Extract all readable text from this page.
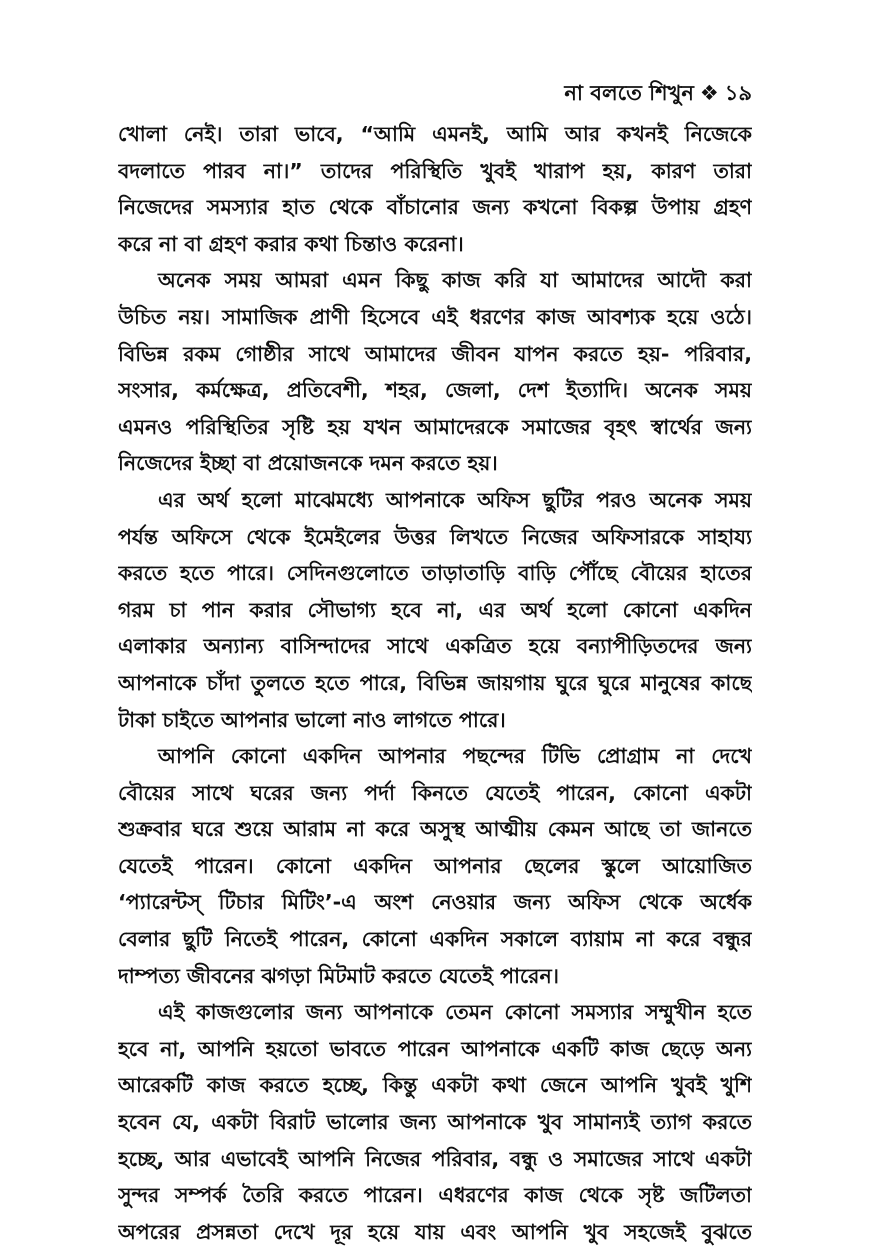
না বলতে শিখুন ❖ ১৯
খোলা নেই। তারা ভাবে, “আমি এমনই, আমি আর কখনই নিজেকে
বদলাতে পারব না।” তাদের পরিস্থিতি খুবই খারাপ হয়, কারণ তারা
নিজেদের সমস্যার হাত থেকে বাঁচানোর জন্য কখনো বিকল্প উপায় গ্রহণ
করে না বা গ্রহণ করার কথা চিন্তাও করেনা।
অনেক সময় আমরা এমন কিছু কাজ করি যা আমাদের আদৌ করা
উচিত নয়। সামাজিক প্রাণী হিসেবে এই ধরণের কাজ আবশ্যক হয়ে ওঠে।
বিভিন্ন রকম গোষ্ঠীর সাথে আমাদের জীবন যাপন করতে হয়- পরিবার,
সংসার, কর্মক্ষেত্র, প্রতিবেশী, শহর, জেলা, দেশ ইত্যাদি। অনেক সময়
এমনও পরিস্থিতির সৃষ্টি হয় যখন আমাদেরকে সমাজের বৃহৎ স্বার্থের জন্য
নিজেদের ইচ্ছা বা প্রয়োজনকে দমন করতে হয়।
এর অর্থ হলো মাঝেমধ্যে আপনাকে অফিস ছুটির পরও অনেক সময়
পর্যন্ত অফিসে থেকে ইমেইলের উত্তর লিখতে নিজের অফিসারকে সাহায্য
করতে হতে পারে। সেদিনগুলোতে তাড়াতাড়ি বাড়ি পৌঁছে বৌয়ের হাতের
গরম চা পান করার সৌভাগ্য হবে না, এর অর্থ হলো কোনো একদিন
এলাকার অন্যান্য বাসিন্দাদের সাথে একত্রিত হয়ে বন্যাপীড়িতদের জন্য
আপনাকে চাঁদা তুলতে হতে পারে, বিভিন্ন জায়গায় ঘুরে ঘুরে মানুষের কাছে
টাকা চাইতে আপনার ভালো নাও লাগতে পারে।
আপনি কোনো একদিন আপনার পছন্দের টিভি প্রোগ্রাম না দেখে
বৌয়ের সাথে ঘরের জন্য পর্দা কিনতে যেতেই পারেন, কোনো একটা
শুক্রবার ঘরে শুয়ে আরাম না করে অসুস্থ আত্মীয় কেমন আছে তা জানতে
যেতেই পারেন। কোনো একদিন আপনার ছেলের স্কুলে আয়োজিত
‘প্যারেন্টস্ টিচার মিটিং’-এ অংশ নেওয়ার জন্য অফিস থেকে অর্ধেক
বেলার ছুটি নিতেই পারেন, কোনো একদিন সকালে ব্যায়াম না করে বন্ধুর
দাম্পত্য জীবনের ঝগড়া মিটমাট করতে যেতেই পারেন।
এই কাজগুলোর জন্য আপনাকে তেমন কোনো সমস্যার সম্মুখীন হতে
হবে না, আপনি হয়তো ভাবতে পারেন আপনাকে একটি কাজ ছেড়ে অন্য
আরেকটি কাজ করতে হচ্ছে, কিন্তু একটা কথা জেনে আপনি খুবই খুশি
হবেন যে, একটা বিরাট ভালোর জন্য আপনাকে খুব সামান্যই ত্যাগ করতে
হচ্ছে, আর এভাবেই আপনি নিজের পরিবার, বন্ধু ও সমাজের সাথে একটা
সুন্দর সম্পর্ক তৈরি করতে পারেন। এধরণের কাজ থেকে সৃষ্ট জটিলতা
অপরের প্রসন্নতা দেখে দূর হয়ে যায় এবং আপনি খুব সহজেই বুঝতে
